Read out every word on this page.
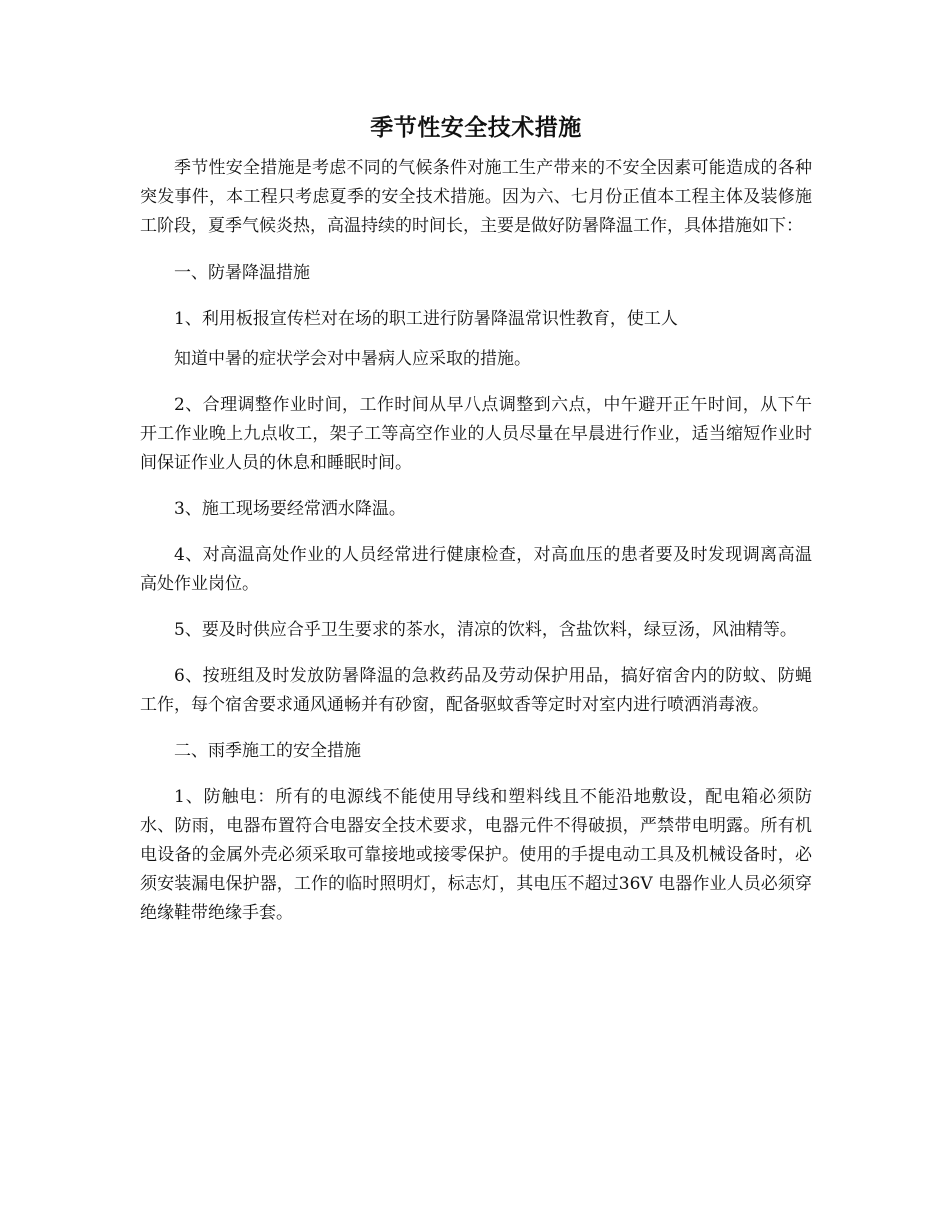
季节性安全技术措施

季节性安全措施是考虑不同的气候条件对施工生产带来的不安全因素可能造成的各种突发事件，本工程只考虑夏季的安全技术措施。因为六、七月份正值本工程主体及装修施工阶段，夏季气候炎热，高温持续的时间长，主要是做好防暑降温工作，具体措施如下：

一、防暑降温措施

1、利用板报宣传栏对在场的职工进行防暑降温常识性教育，使工人

知道中暑的症状学会对中暑病人应采取的措施。

2、合理调整作业时间，工作时间从早八点调整到六点，中午避开正午时间，从下午开工作业晚上九点收工，架子工等高空作业的人员尽量在早晨进行作业，适当缩短作业时间保证作业人员的休息和睡眠时间。

3、施工现场要经常洒水降温。

4、对高温高处作业的人员经常进行健康检查，对高血压的患者要及时发现调离高温高处作业岗位。

5、要及时供应合乎卫生要求的茶水，清凉的饮料，含盐饮料，绿豆汤，风油精等。

6、按班组及时发放防暑降温的急救药品及劳动保护用品，搞好宿舍内的防蚊、防蝇工作，每个宿舍要求通风通畅并有砂窗，配备驱蚊香等定时对室内进行喷洒消毒液。

二、雨季施工的安全措施

1、防触电：所有的电源线不能使用导线和塑料线且不能沿地敷设，配电箱必须防水、防雨，电器布置符合电器安全技术要求，电器元件不得破损，严禁带电明露。所有机电设备的金属外壳必须采取可靠接地或接零保护。使用的手提电动工具及机械设备时，必须安装漏电保护器，工作的临时照明灯，标志灯，其电压不超过36V 电器作业人员必须穿绝缘鞋带绝缘手套。
